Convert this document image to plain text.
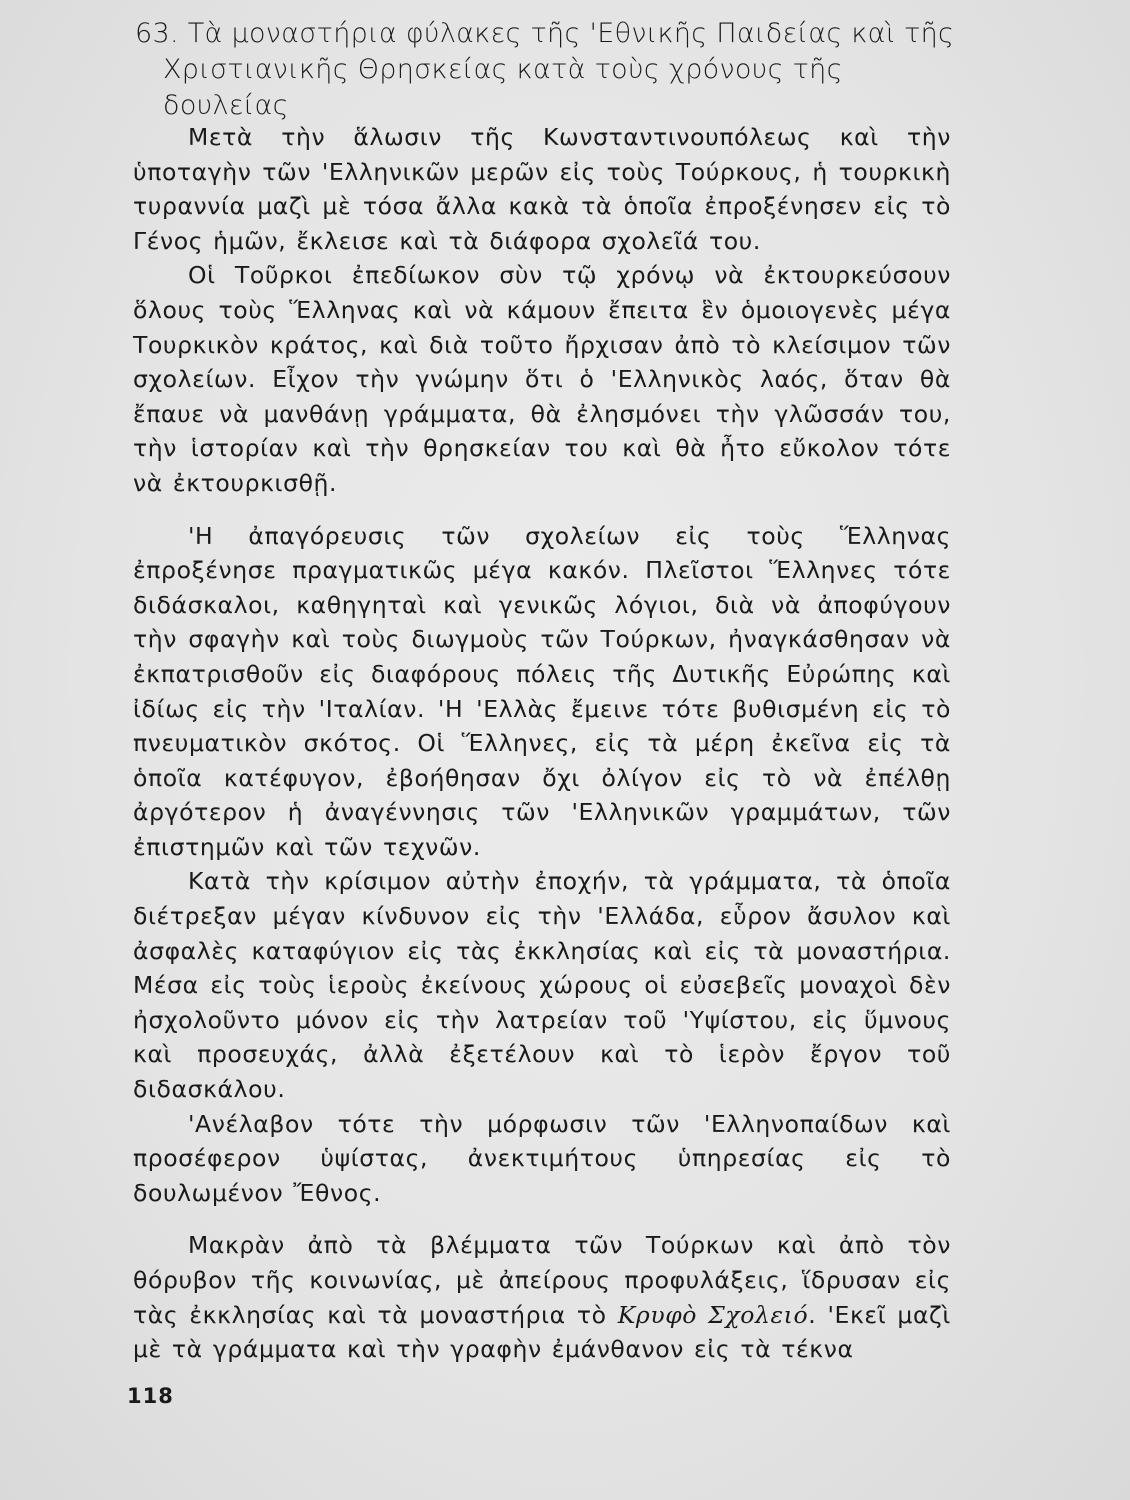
63. Τὰ μοναστήρια φύλακες τῆς 'Εθνικῆς Παιδείας καὶ τῆς
Χριστιανικῆς Θρησκείας κατὰ τοὺς χρόνους τῆς δουλείας

Μετὰ τὴν ἅλωσιν τῆς Κωνσταντινουπόλεως καὶ τὴν ὑποταγὴν τῶν 'Ελληνικῶν μερῶν εἰς τοὺς Τούρκους, ἡ τουρκικὴ τυραννία μαζὶ μὲ τόσα ἄλλα κακὰ τὰ ὁποῖα ἐπροξένησεν εἰς τὸ Γένος ἡμῶν, ἔκλεισε καὶ τὰ διάφορα σχολεῖά του.

Οἱ Τοῦρκοι ἐπεδίωκον σὺν τῷ χρόνῳ νὰ ἐκτουρκεύσουν ὅλους τοὺς Ἕλληνας καὶ νὰ κάμουν ἔπειτα ἓν ὁμοιογενὲς μέγα Τουρκικὸν κράτος, καὶ διὰ τοῦτο ἤρχισαν ἀπὸ τὸ κλείσιμον τῶν σχολείων. Εἶχον τὴν γνώμην ὅτι ὁ 'Ελληνικὸς λαός, ὅταν θὰ ἔπαυε νὰ μανθάνῃ γράμματα, θὰ ἐλησμόνει τὴν γλῶσσάν του, τὴν ἱστορίαν καὶ τὴν θρησκείαν του καὶ θὰ ἦτο εὔκολον τότε νὰ ἐκτουρκισθῇ.

'Η ἀπαγόρευσις τῶν σχολείων εἰς τοὺς Ἕλληνας ἐπροξένησε πραγματικῶς μέγα κακόν. Πλεῖστοι Ἕλληνες τότε διδάσκαλοι, καθηγηταὶ καὶ γενικῶς λόγιοι, διὰ νὰ ἀποφύγουν τὴν σφαγὴν καὶ τοὺς διωγμοὺς τῶν Τούρκων, ἠναγκάσθησαν νὰ ἐκπατρισθοῦν εἰς διαφόρους πόλεις τῆς Δυτικῆς Εὐρώπης καὶ ἰδίως εἰς τὴν 'Ιταλίαν. 'Η 'Ελλὰς ἔμεινε τότε βυθισμένη εἰς τὸ πνευματικὸν σκότος. Οἱ Ἕλληνες, εἰς τὰ μέρη ἐκεῖνα εἰς τὰ ὁποῖα κατέφυγον, ἐβοήθησαν ὄχι ὀλίγον εἰς τὸ νὰ ἐπέλθῃ ἀργότερον ἡ ἀναγέννησις τῶν 'Ελληνικῶν γραμμάτων, τῶν ἐπιστημῶν καὶ τῶν τεχνῶν.

Κατὰ τὴν κρίσιμον αὐτὴν ἐποχήν, τὰ γράμματα, τὰ ὁποῖα διέτρεξαν μέγαν κίνδυνον εἰς τὴν 'Ελλάδα, εὗρον ἄσυλον καὶ ἀσφαλὲς καταφύγιον εἰς τὰς ἐκκλησίας καὶ εἰς τὰ μοναστήρια. Μέσα εἰς τοὺς ἱεροὺς ἐκείνους χώρους οἱ εὐσεβεῖς μοναχοὶ δὲν ἠσχολοῦντο μόνον εἰς τὴν λατρείαν τοῦ 'Υψίστου, εἰς ὕμνους καὶ προσευχάς, ἀλλὰ ἐξετέλουν καὶ τὸ ἱερὸν ἔργον τοῦ διδασκάλου.

'Ανέλαβον τότε τὴν μόρφωσιν τῶν 'Ελληνοπαίδων καὶ προσέφερον ὑψίστας, ἀνεκτιμήτους ὑπηρεσίας εἰς τὸ δουλωμένον Ἔθνος.

Μακρὰν ἀπὸ τὰ βλέμματα τῶν Τούρκων καὶ ἀπὸ τὸν θόρυβον τῆς κοινωνίας, μὲ ἀπείρους προφυλάξεις, ἵδρυσαν εἰς τὰς ἐκκλησίας καὶ τὰ μοναστήρια τὸ Κρυφὸ Σχολειό. 'Εκεῖ μαζὶ μὲ τὰ γράμματα καὶ τὴν γραφὴν ἐμάνθανον εἰς τὰ τέκνα

118
